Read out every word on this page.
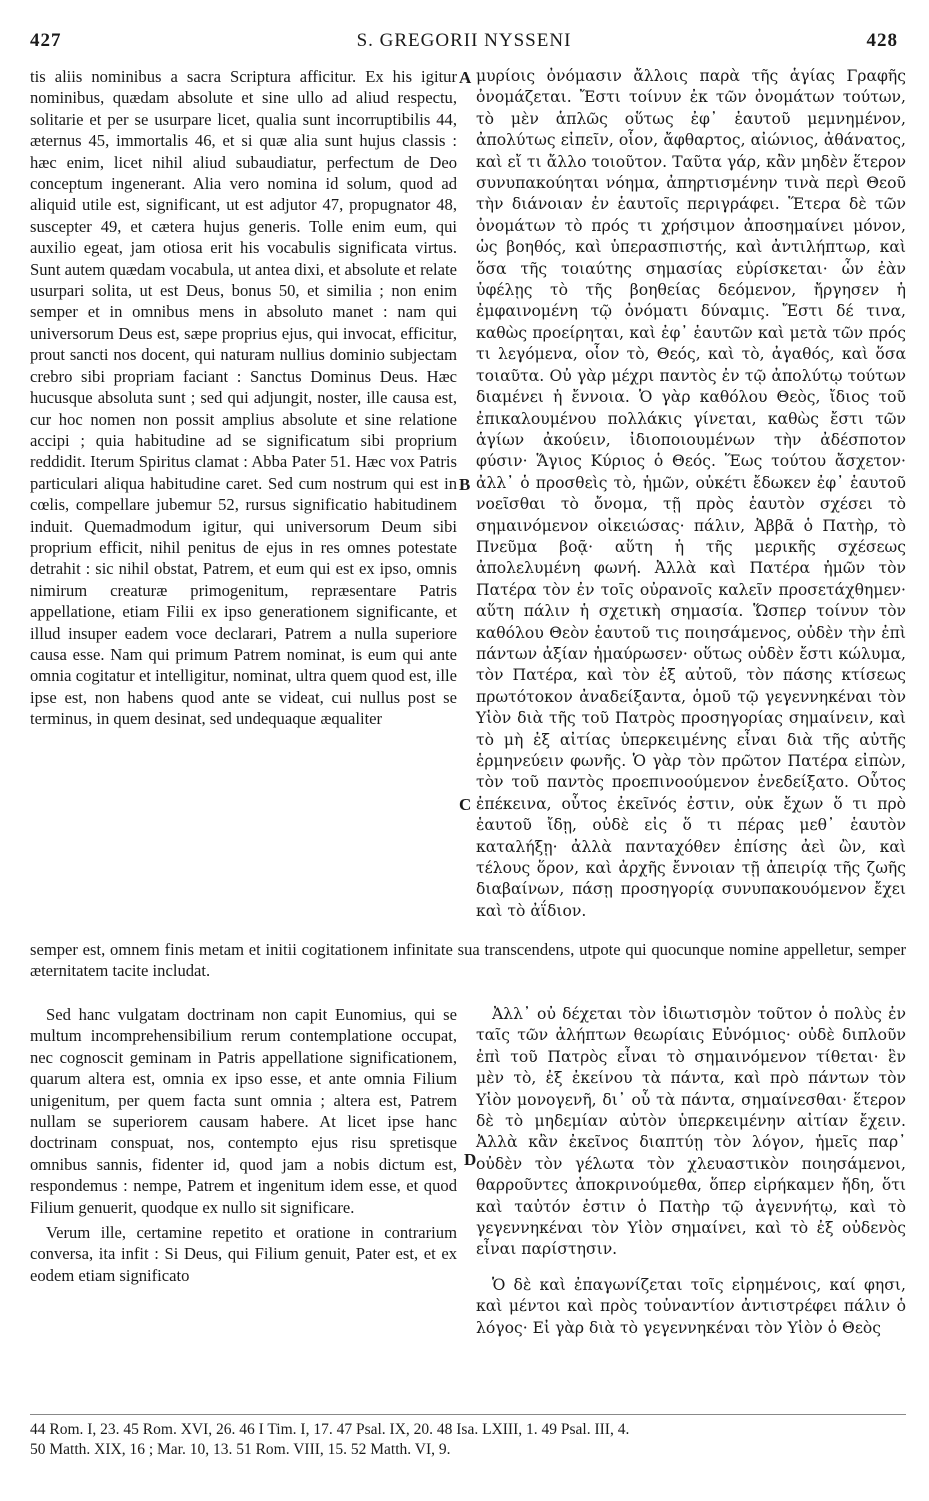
427	S. GREGORII NYSSENI	428
A
B
C
D

tis aliis nominibus a sacra Scriptura afficitur. Ex his igitur nominibus, quædam absolute et sine ullo ad aliud respectu, solitarie et per se usurpare licet, qualia sunt incorruptibilis 44, æternus 45, immortalis 46, et si quæ alia sunt hujus classis : hæc enim, licet nihil aliud subaudiatur, perfectum de Deo conceptum ingenerant. Alia vero nomina id solum, quod ad aliquid utile est, significant, ut est adjutor 47, propugnator 48, suscepter 49, et cætera hujus generis. Tolle enim eum, qui auxilio egeat, jam otiosa erit his vocabulis significata virtus. Sunt autem quædam vocabula, ut antea dixi, et absolute et relate usurpari solita, ut est Deus, bonus 50, et similia ; non enim semper et in omnibus mens in absoluto manet : nam qui universorum Deus est, sæpe proprius ejus, qui invocat, efficitur, prout sancti nos docent, qui naturam nullius dominio subjectam crebro sibi propriam faciant : Sanctus Dominus Deus. Hæc hucusque absoluta sunt ; sed qui adjungit, noster, ille causa est, cur hoc nomen non possit amplius absolute et sine relatione accipi ; quia habitudine ad se significatum sibi proprium reddidit. Iterum Spiritus clamat : Abba Pater 51. Hæc vox Patris particulari aliqua habitudine caret. Sed cum nostrum qui est in cœlis, compellare jubemur 52, rursus significatio habitudinem induit. Quemadmodum igitur, qui universorum Deum sibi proprium efficit, nihil penitus de ejus in res omnes potestate detrahit : sic nihil obstat, Patrem, et eum qui est ex ipso, omnis nimirum creaturæ primogenitum, repræsentare Patris appellatione, etiam Filii ex ipso generationem significante, et illud insuper eadem voce declarari, Patrem a nulla superiore causa esse. Nam qui primum Patrem nominat, is eum qui ante omnia cogitatur et intelligitur, nominat, ultra quem quod est, ille ipse est, non habens quod ante se videat, cui nullus post se terminus, in quem desinat, sed undequaque æqualiter

μυρίοις ὀνόμασιν ἄλλοις παρὰ τῆς ἁγίας Γραφῆς ὀνομάζεται. Ἔστι τοίνυν ἐκ τῶν ὀνομάτων τούτων, τὸ μὲν ἁπλῶς οὕτως ἐφ᾽ ἑαυτοῦ μεμνημένον, ἀπολύτως εἰπεῖν, οἷον, ἄφθαρτος, αἰώνιος, ἀθάνατος, καὶ εἴ τι ἄλλο τοιοῦτον. Ταῦτα γάρ, κἂν μηδὲν ἕτερον συνυπακούηται νόημα, ἀπηρτισμένην τινὰ περὶ Θεοῦ τὴν διάνοιαν ἐν ἑαυτοῖς περιγράφει. Ἕτερα δὲ τῶν ὀνομάτων τὸ πρός τι χρήσιμον ἀποσημαίνει μόνον, ὡς βοηθός, καὶ ὑπερασπιστής, καὶ ἀντιλήπτωρ, καὶ ὅσα τῆς τοιαύτης σημασίας εὑρίσκεται· ὧν ἐὰν ὑφέλῃς τὸ τῆς βοηθείας δεόμενον, ἤργησεν ἡ ἐμφαινομένη τῷ ὀνόματι δύναμις. Ἔστι δέ τινα, καθὼς προείρηται, καὶ ἐφ᾽ ἑαυτῶν καὶ μετὰ τῶν πρός τι λεγόμενα, οἷον τὸ, Θεός, καὶ τὸ, ἀγαθός, καὶ ὅσα τοιαῦτα. Οὐ γὰρ μέχρι παντὸς ἐν τῷ ἀπολύτῳ τούτων διαμένει ἡ ἔννοια. Ὁ γὰρ καθόλου Θεὸς, ἴδιος τοῦ ἐπικαλουμένου πολλάκις γίνεται, καθὼς ἔστι τῶν ἁγίων ἀκούειν, ἰδιοποιουμένων τὴν ἀδέσποτον φύσιν· Ἅγιος Κύριος ὁ Θεός. Ἕως τούτου ἄσχετον· ἀλλ᾽ ὁ προσθεὶς τὸ, ἡμῶν, οὐκέτι ἔδωκεν ἐφ᾽ ἑαυτοῦ νοεῖσθαι τὸ ὄνομα, τῇ πρὸς ἑαυτὸν σχέσει τὸ σημαινόμενον οἰκειώσας· πάλιν, Ἀββᾶ ὁ Πατὴρ, τὸ Πνεῦμα βοᾷ· αὕτη ἡ τῆς μερικῆς σχέσεως ἀπολελυμένη φωνή. Ἀλλὰ καὶ Πατέρα ἡμῶν τὸν Πατέρα τὸν ἐν τοῖς οὐρανοῖς καλεῖν προσετάχθημεν· αὕτη πάλιν ἡ σχετικὴ σημασία. Ὥσπερ τοίνυν τὸν καθόλου Θεὸν ἑαυτοῦ τις ποιησάμενος, οὐδὲν τὴν ἐπὶ πάντων ἀξίαν ἠμαύρωσεν· οὕτως οὐδὲν ἔστι κώλυμα, τὸν Πατέρα, καὶ τὸν ἐξ αὐτοῦ, τὸν πάσης κτίσεως πρωτότοκον ἀναδείξαντα, ὁμοῦ τῷ γεγεννηκέναι τὸν Υἱὸν διὰ τῆς τοῦ Πατρὸς προσηγορίας σημαίνειν, καὶ τὸ μὴ ἐξ αἰτίας ὑπερκειμένης εἶναι διὰ τῆς αὐτῆς ἑρμηνεύειν φωνῆς. Ὁ γὰρ τὸν πρῶτον Πατέρα εἰπὼν, τὸν τοῦ παντὸς προεπινοούμενον ἐνεδείξατο. Οὗτος ἐπέκεινα, οὗτος ἐκεῖνός ἐστιν, οὐκ ἔχων ὅ τι πρὸ ἑαυτοῦ ἴδῃ, οὐδὲ εἰς ὅ τι πέρας μεθ᾽ ἑαυτὸν καταλήξῃ· ἀλλὰ πανταχόθεν ἐπίσης ἀεὶ ὢν, καὶ τέλους ὅρον, καὶ ἀρχῆς ἔννοιαν τῇ ἀπειρίᾳ τῆς ζωῆς διαβαίνων, πάσῃ προσηγορίᾳ συνυπακουόμενον ἔχει καὶ τὸ ἀΐδιον.

semper est, omnem finis metam et initii cogitationem infinitate sua transcendens, utpote qui quocunque nomine appelletur, semper æternitatem tacite includat.

Sed hanc vulgatam doctrinam non capit Eunomius, qui se multum incomprehensibilium rerum contemplatione occupat, nec cognoscit geminam in Patris appellatione significationem, quarum altera est, omnia ex ipso esse, et ante omnia Filium unigenitum, per quem facta sunt omnia ; altera est, Patrem nullam se superiorem causam habere. At licet ipse hanc doctrinam conspuat, nos, contempto ejus risu spretisque omnibus sannis, fidenter id, quod jam a nobis dictum est, respondemus : nempe, Patrem et ingenitum idem esse, et quod Filium genuerit, quodque ex nullo sit significare.

Verum ille, certamine repetito et oratione in contrarium conversa, ita infit : Si Deus, qui Filium genuit, Pater est, et ex eodem etiam significato

Ἀλλ᾽ οὐ δέχεται τὸν ἰδιωτισμὸν τοῦτον ὁ πολὺς ἐν ταῖς τῶν ἀλήπτων θεωρίαις Εὐνόμιος· οὐδὲ διπλοῦν ἐπὶ τοῦ Πατρὸς εἶναι τὸ σημαινόμενον τίθεται· ἓν μὲν τὸ, ἐξ ἐκείνου τὰ πάντα, καὶ πρὸ πάντων τὸν Υἱὸν μονογενῆ, δι᾽ οὗ τὰ πάντα, σημαίνεσθαι· ἕτερον δὲ τὸ μηδεμίαν αὐτὸν ὑπερκειμένην αἰτίαν ἔχειν. Ἀλλὰ κἂν ἐκεῖνος διαπτύῃ τὸν λόγον, ἡμεῖς παρ᾽ οὐδὲν τὸν γέλωτα τὸν χλευαστικὸν ποιησάμενοι, θαρροῦντες ἀποκρινούμεθα, ὅπερ εἰρήκαμεν ἤδη, ὅτι καὶ ταὐτόν ἐστιν ὁ Πατὴρ τῷ ἀγεννήτῳ, καὶ τὸ γεγεννηκέναι τὸν Υἱὸν σημαίνει, καὶ τὸ ἐξ οὐδενὸς εἶναι παρίστησιν.

Ὁ δὲ καὶ ἐπαγωνίζεται τοῖς εἰρημένοις, καί φησι, καὶ μέντοι καὶ πρὸς τοὐναντίον ἀντιστρέφει πάλιν ὁ λόγος· Εἰ γὰρ διὰ τὸ γεγεννηκέναι τὸν Υἱὸν ὁ Θεὸς

44 Rom. I, 23. 45 Rom. XVI, 26. 46 I Tim. I, 17. 47 Psal. IX, 20. 48 Isa. LXIII, 1. 49 Psal. III, 4.
50 Matth. XIX, 16 ; Mar. 10, 13. 51 Rom. VIII, 15. 52 Matth. VI, 9.
